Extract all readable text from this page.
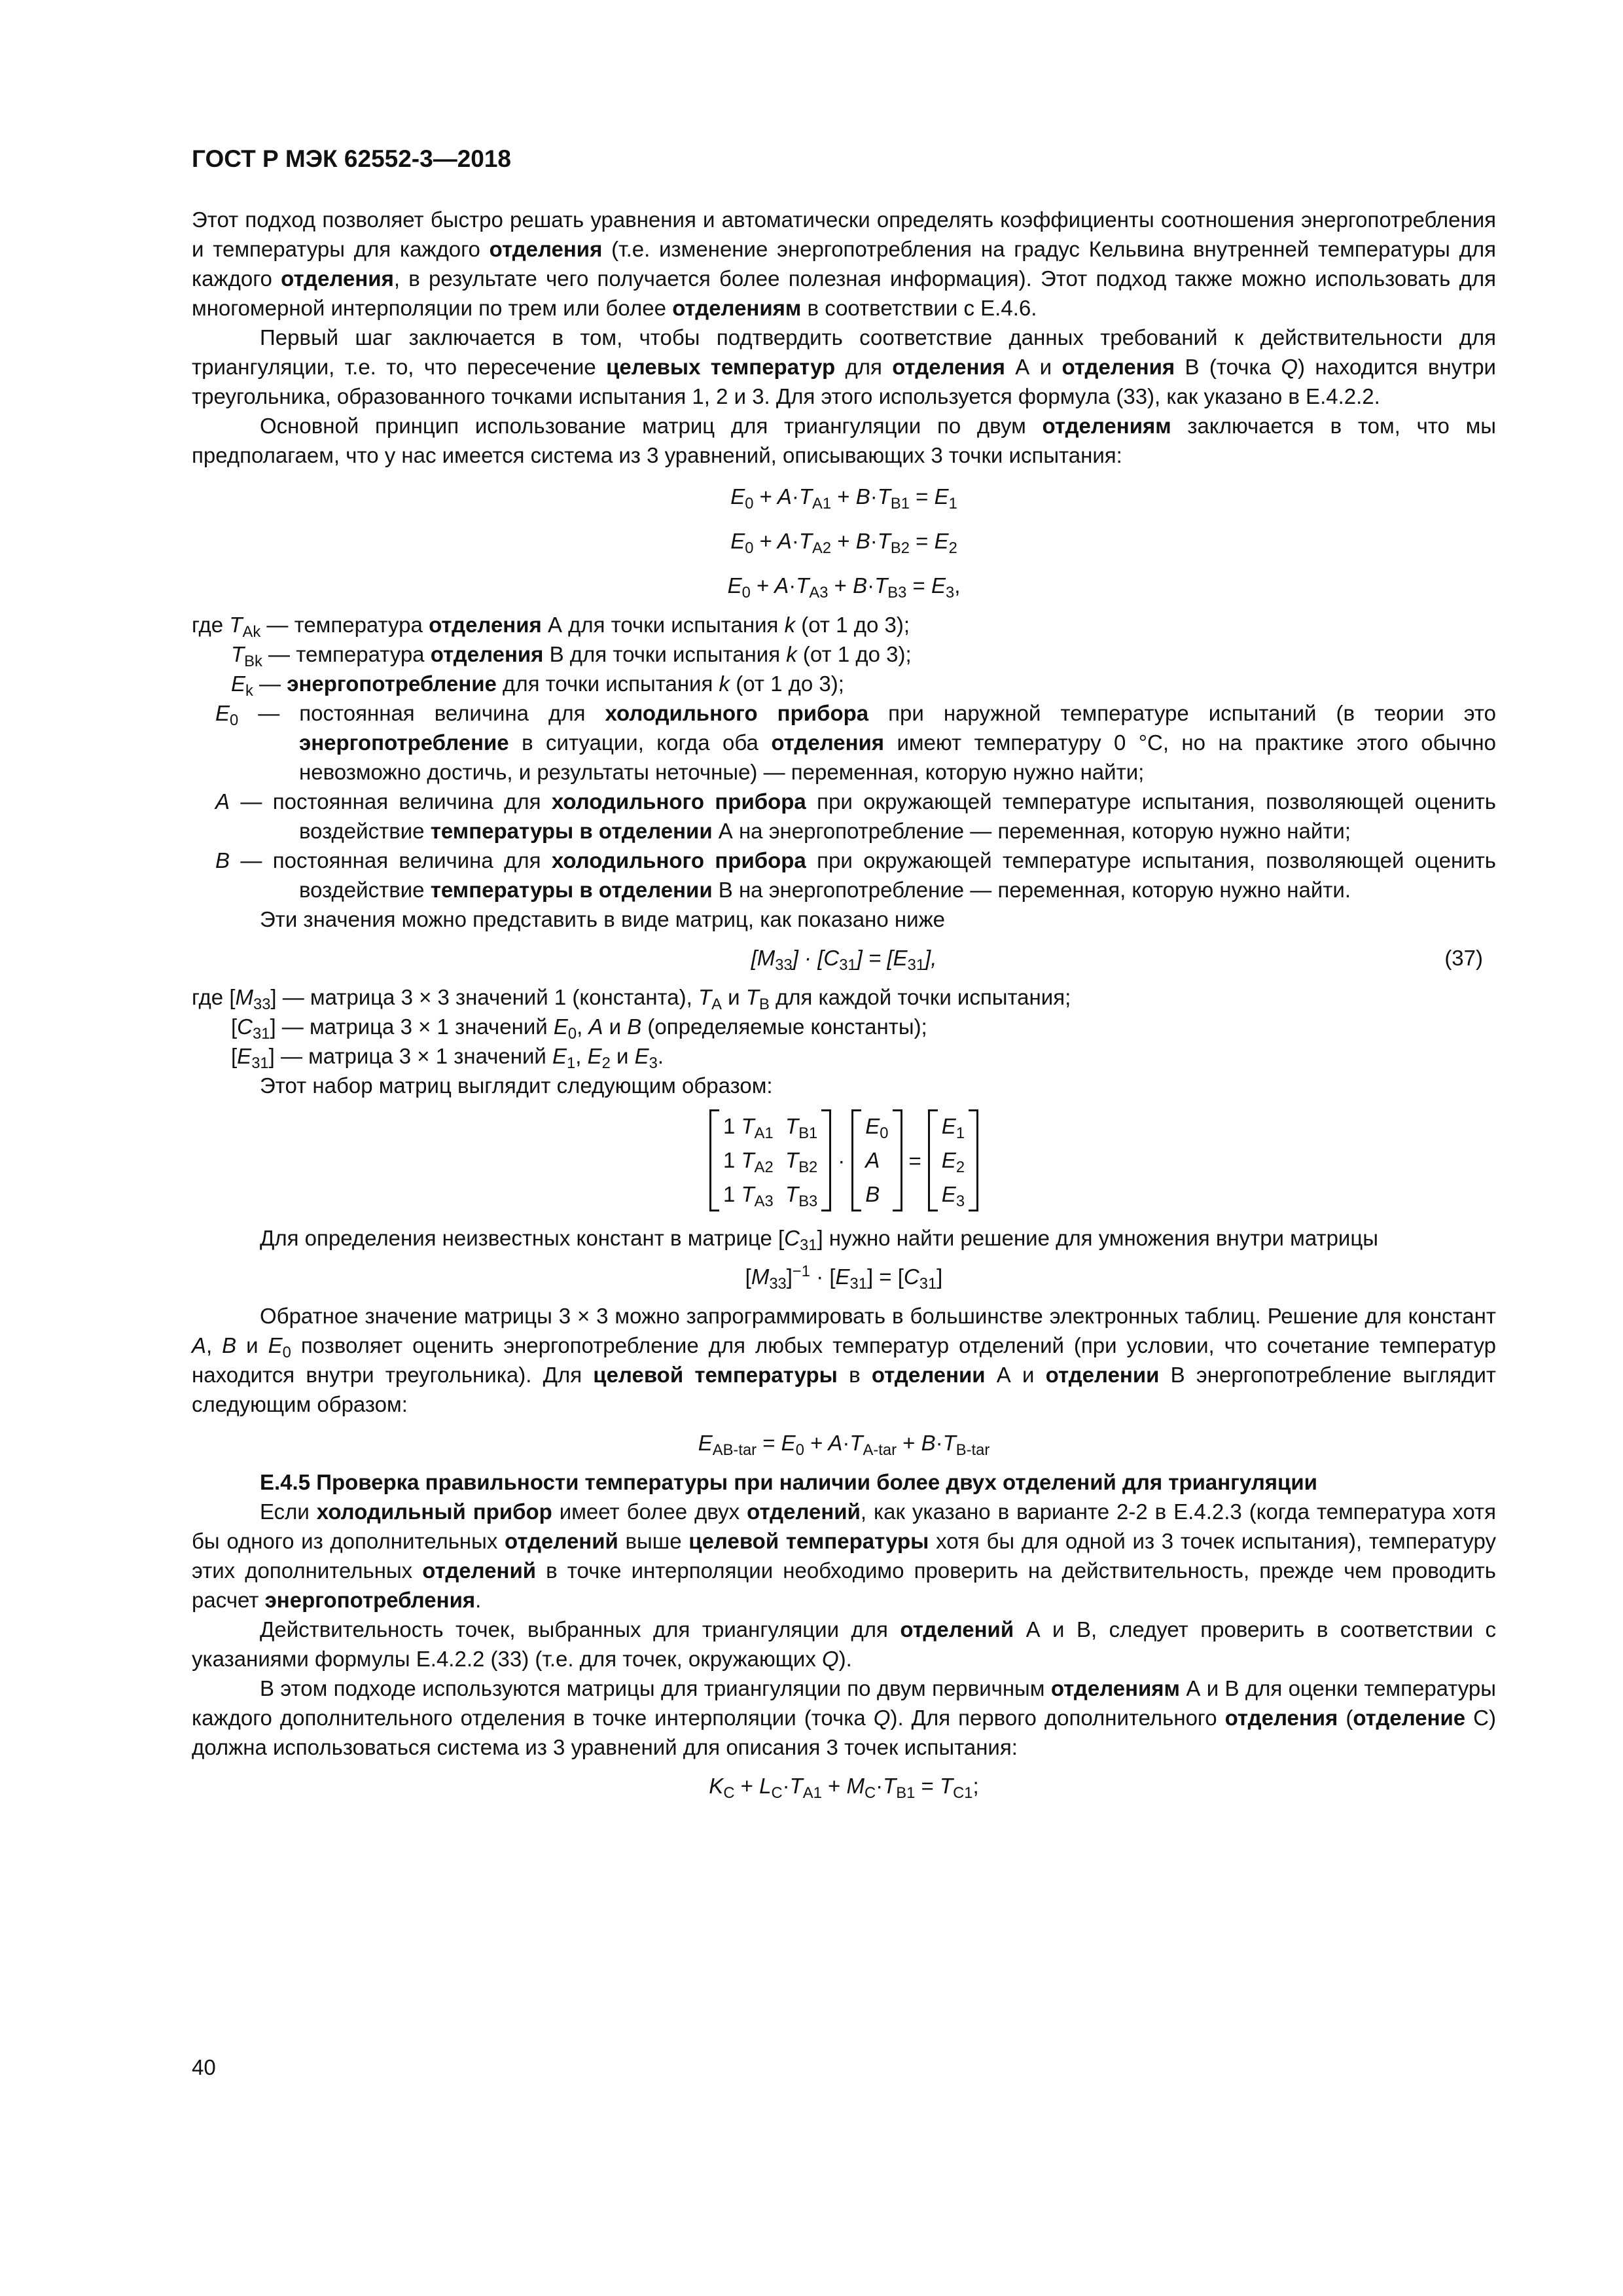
ГОСТ Р МЭК 62552-3—2018

Этот подход позволяет быстро решать уравнения и автоматически определять коэффициенты соотношения энергопотребления и температуры для каждого отделения (т.е. изменение энергопотребления на градус Кельвина внутренней температуры для каждого отделения, в результате чего получается более полезная информация). Этот подход также можно использовать для многомерной интерполяции по трем или более отделениям в соответствии с Е.4.6.

Первый шаг заключается в том, чтобы подтвердить соответствие данных требований к действительности для триангуляции, т.е. то, что пересечение целевых температур для отделения А и отделения В (точка Q) находится внутри треугольника, образованного точками испытания 1, 2 и 3. Для этого используется формула (33), как указано в Е.4.2.2.

Основной принцип использование матриц для триангуляции по двум отделениям заключается в том, что мы предполагаем, что у нас имеется система из 3 уравнений, описывающих 3 точки испытания:

$E_0 + A\cdot T_{A1} + B\cdot T_{B1} = E_1$
$E_0 + A\cdot T_{A2} + B\cdot T_{B2} = E_2$
$E_0 + A\cdot T_{A3} + B\cdot T_{B3} = E_3$,

где $T_{Ak}$ — температура отделения А для точки испытания k (от 1 до 3);

$T_{Bk}$ — температура отделения В для точки испытания k (от 1 до 3);

$E_k$ — энергопотребление для точки испытания k (от 1 до 3);

$E_0$ — постоянная величина для холодильного прибора при наружной температуре испытаний (в теории это энергопотребление в ситуации, когда оба отделения имеют температуру 0 °С, но на практике этого обычно невозможно достичь, и результаты неточные) — переменная, которую нужно найти;

A — постоянная величина для холодильного прибора при окружающей температуре испытания, позволяющей оценить воздействие температуры в отделении А на энергопотребление — переменная, которую нужно найти;

B — постоянная величина для холодильного прибора при окружающей температуре испытания, позволяющей оценить воздействие температуры в отделении В на энергопотребление — переменная, которую нужно найти.

Эти значения можно представить в виде матриц, как показано ниже

$[M_{33}] \cdot [C_{31}] = [E_{31}]$,	(37)

где $[M_{33}]$ — матрица 3 × 3 значений 1 (константа), $T_A$ и $T_B$ для каждой точки испытания;

$[C_{31}]$ — матрица 3 × 1 значений $E_0$, A и B (определяемые константы);

$[E_{31}]$ — матрица 3 × 1 значений $E_1$, $E_2$ и $E_3$.

Этот набор матриц выглядит следующим образом:

1 $T_{A1}$  $T_{B1}$
1 $T_{A2}$  $T_{B2}$
1 $T_{A3}$  $T_{B3}$
·
$E_0$
A
B
=
$E_1$
$E_2$
$E_3$

Для определения неизвестных констант в матрице $[C_{31}]$ нужно найти решение для умножения внутри матрицы

$[M_{33}]^{-1} \cdot [E_{31}] = [C_{31}]$

Обратное значение матрицы 3 × 3 можно запрограммировать в большинстве электронных таблиц. Решение для констант A, B и $E_0$ позволяет оценить энергопотребление для любых температур отделений (при условии, что сочетание температур находится внутри треугольника). Для целевой температуры в отделении А и отделении В энергопотребление выглядит следующим образом:

$E_{AB-tar} = E_0 + A\cdot T_{A-tar} + B\cdot T_{B-tar}$

Е.4.5 Проверка правильности температуры при наличии более двух отделений для триангуляции

Если холодильный прибор имеет более двух отделений, как указано в варианте 2-2 в Е.4.2.3 (когда температура хотя бы одного из дополнительных отделений выше целевой температуры хотя бы для одной из 3 точек испытания), температуру этих дополнительных отделений в точке интерполяции необходимо проверить на действительность, прежде чем проводить расчет энергопотребления.

Действительность точек, выбранных для триангуляции для отделений А и В, следует проверить в соответствии с указаниями формулы Е.4.2.2 (33) (т.е. для точек, окружающих Q).

В этом подходе используются матрицы для триангуляции по двум первичным отделениям А и В для оценки температуры каждого дополнительного отделения в точке интерполяции (точка Q). Для первого дополнительного отделения (отделение С) должна использоваться система из 3 уравнений для описания 3 точек испытания:

$K_C + L_C\cdot T_{A1} + M_C\cdot T_{B1} = T_{C1}$;
40
